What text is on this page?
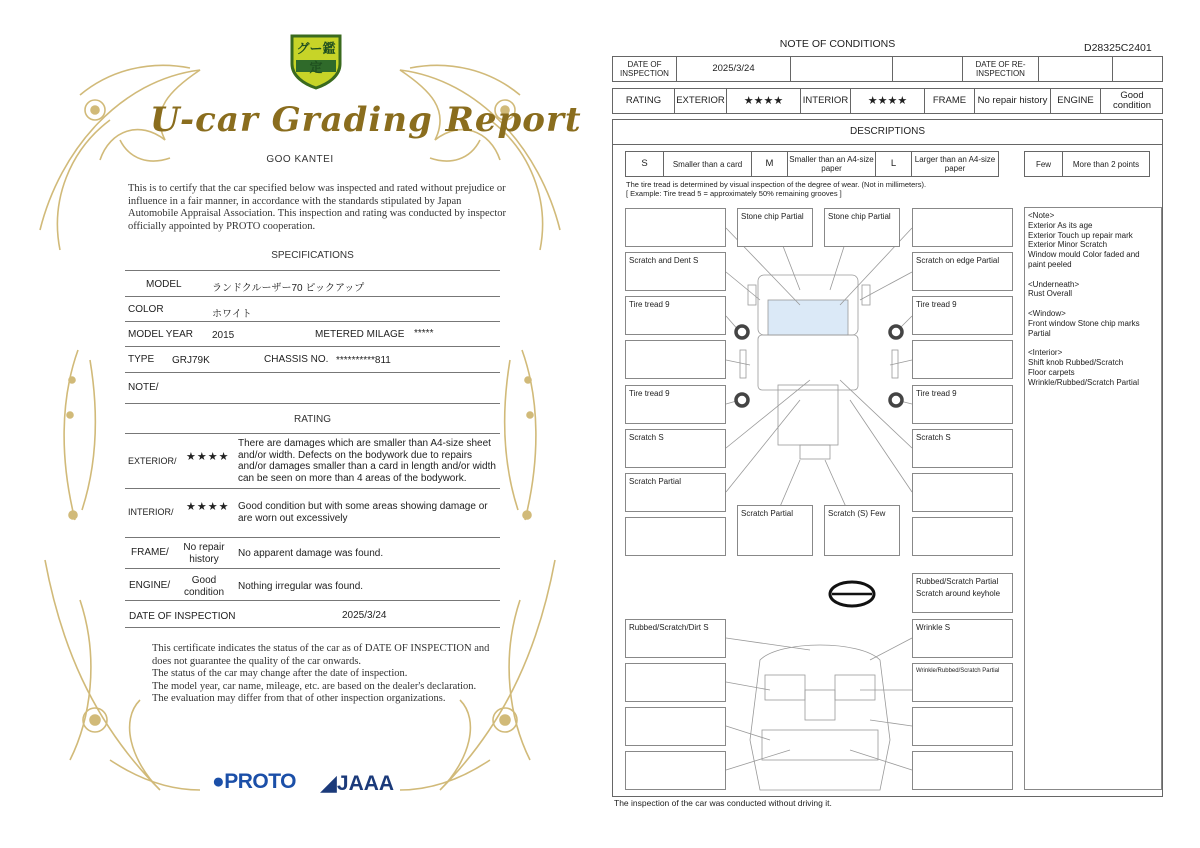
グー鑑定
U-car Grading Report
GOO KANTEI
This is to certify that the car specified below was inspected and rated without prejudice or influence in a fair manner, in accordance with the standards stipulated by Japan Automobile Appraisal Association. This inspection and rating was conducted by inspector officially appointed by PROTO cooperation.
SPECIFICATIONS
MODEL	ランドクルーザー70 ピックアップ
COLOR	ホワイト
MODEL YEAR 2015	METERED MILAGE *****
TYPE GRJ79K	CHASSIS NO. **********811
NOTE/
RATING
EXTERIOR/ ★★★★
There are damages which are smaller than A4-size sheet and/or width. Defects on the bodywork due to repairs and/or damages smaller than a card in length and/or width can be seen on more than 4 areas of the bodywork.
INTERIOR/ ★★★★ Good condition but with some areas showing damage or are worn out excessively
FRAME/	No repair history	No apparent damage was found.
ENGINE/	Good condition	Nothing irregular was found.
DATE OF INSPECTION	2025/3/24
This certificate indicates the status of the car as of DATE OF INSPECTION and does not guarantee the quality of the car onwards.
The status of the car may change after the date of inspection.
The model year, car name, mileage, etc. are based on the dealer's declaration.
The evaluation may differ from that of other inspection organizations.
●PROTO ◢JAAA
NOTE OF CONDITIONS	D28325C2401
DATE OF INSPECTION	2025/3/24	DATE OF RE-INSPECTION
RATING	EXTERIOR	★★★★	INTERIOR	★★★★	FRAME	No repair history	ENGINE	Good condition
DESCRIPTIONS
S	Smaller than a card	M	Smaller than an A4-size paper	L	Larger than an A4-size paper	Few	More than 2 points
The tire tread is determined by visual inspection of the degree of wear. (Not in millimeters).
[ Example: Tire tread 5 = approximately 50% remaining grooves ]
Stone chip Partial	Stone chip Partial
Scratch and Dent S	Scratch on edge Partial
Tire tread 9	Tire tread 9
Tire tread 9	Tire tread 9
Scratch S	Scratch S
Scratch Partial
Scratch Partial	Scratch (S) Few
Rubbed/Scratch Partial
Scratch around keyhole
Rubbed/Scratch/Dirt S	Wrinkle S
Wrinkle/Rubbed/Scratch Partial

<Note>
Exterior As its age
Exterior Touch up repair mark
Exterior Minor Scratch
Window mould Color faded and paint peeled

<Underneath>
Rust Overall

<Window>
Front window Stone chip marks Partial

<Interior>
Shift knob Rubbed/Scratch
Floor carpets Wrinkle/Rubbed/Scratch Partial

The inspection of the car was conducted without driving it.
